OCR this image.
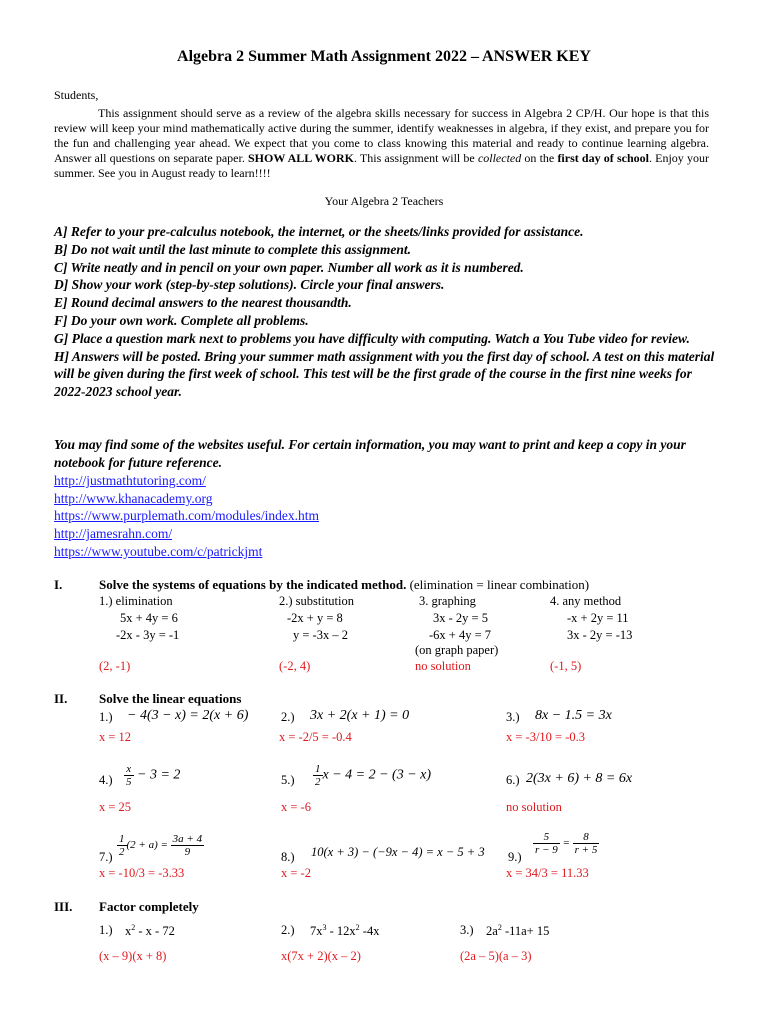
Algebra 2 Summer Math Assignment 2022 – ANSWER KEY
Students,
This assignment should serve as a review of the algebra skills necessary for success in Algebra 2 CP/H. Our hope is that this review will keep your mind mathematically active during the summer, identify weaknesses in algebra, if they exist, and prepare you for the fun and challenging year ahead. We expect that you come to class knowing this material and ready to continue learning algebra. Answer all questions on separate paper. SHOW ALL WORK. This assignment will be collected on the first day of school. Enjoy your summer. See you in August ready to learn!!!!
Your Algebra 2 Teachers
A] Refer to your pre-calculus notebook, the internet, or the sheets/links provided for assistance.
B] Do not wait until the last minute to complete this assignment.
C] Write neatly and in pencil on your own paper. Number all work as it is numbered.
D] Show your work (step-by-step solutions). Circle your final answers.
E] Round decimal answers to the nearest thousandth.
F] Do your own work. Complete all problems.
G] Place a question mark next to problems you have difficulty with computing. Watch a You Tube video for review.
H] Answers will be posted. Bring your summer math assignment with you the first day of school. A test on this material will be given during the first week of school. This test will be the first grade of the course in the first nine weeks for 2022-2023 school year.
You may find some of the websites useful. For certain information, you may want to print and keep a copy in your notebook for future reference.
http://justmathtutoring.com/
http://www.khanacademy.org
https://www.purplemath.com/modules/index.htm
http://jamesrahn.com/
https://www.youtube.com/c/patrickjmt
I.	Solve the systems of equations by the indicated method. (elimination = linear combination)
1.) elimination
5x + 4y = 6
-2x - 3y = -1
(2, -1)
2.) substitution
-2x + y = 8
y = -3x – 2
(-2, 4)
3. graphing
3x - 2y = 5
-6x + 4y = 7
(on graph paper)
no solution
4. any method
-x + 2y = 11
3x - 2y = -13
(-1, 5)
II. Solve the linear equations
1.) − 4(3 − x) = 2(x + 6)
x = 12
2.) 3x + 2(x + 1) = 0
x = -2/5 = -0.4
3.) 8x − 1.5 = 3x
x = -3/10 = -0.3
$4.) \frac{x}{5} - 3 = 2$
x = 25
$5.) \frac{1}{2}$ x − 4 = 2 − (3 − x)
x = -6
6.) 2(3x + 6) + 8 = 6x
no solution
$7.) \frac{1}{2} (2 + a) = \frac{3a + 4}{9}$
x = -10/3 = -3.33
8.) 10(x + 3) − (−9x − 4) = x − 5 + 3
x = -2
9.)
$\frac{5}{r - 9} = \frac{8}{r + 5}$
x = 34/3 = 11.33
III. Factor completely
1.) $x^2$ - x - 72
(x – 9)(x + 8)
2.) $7x^3 - 12x^2$ -4x
x(7x + 2)(x – 2)
3.) $2a^2$ -11a+ 15
(2a – 5)(a – 3)
